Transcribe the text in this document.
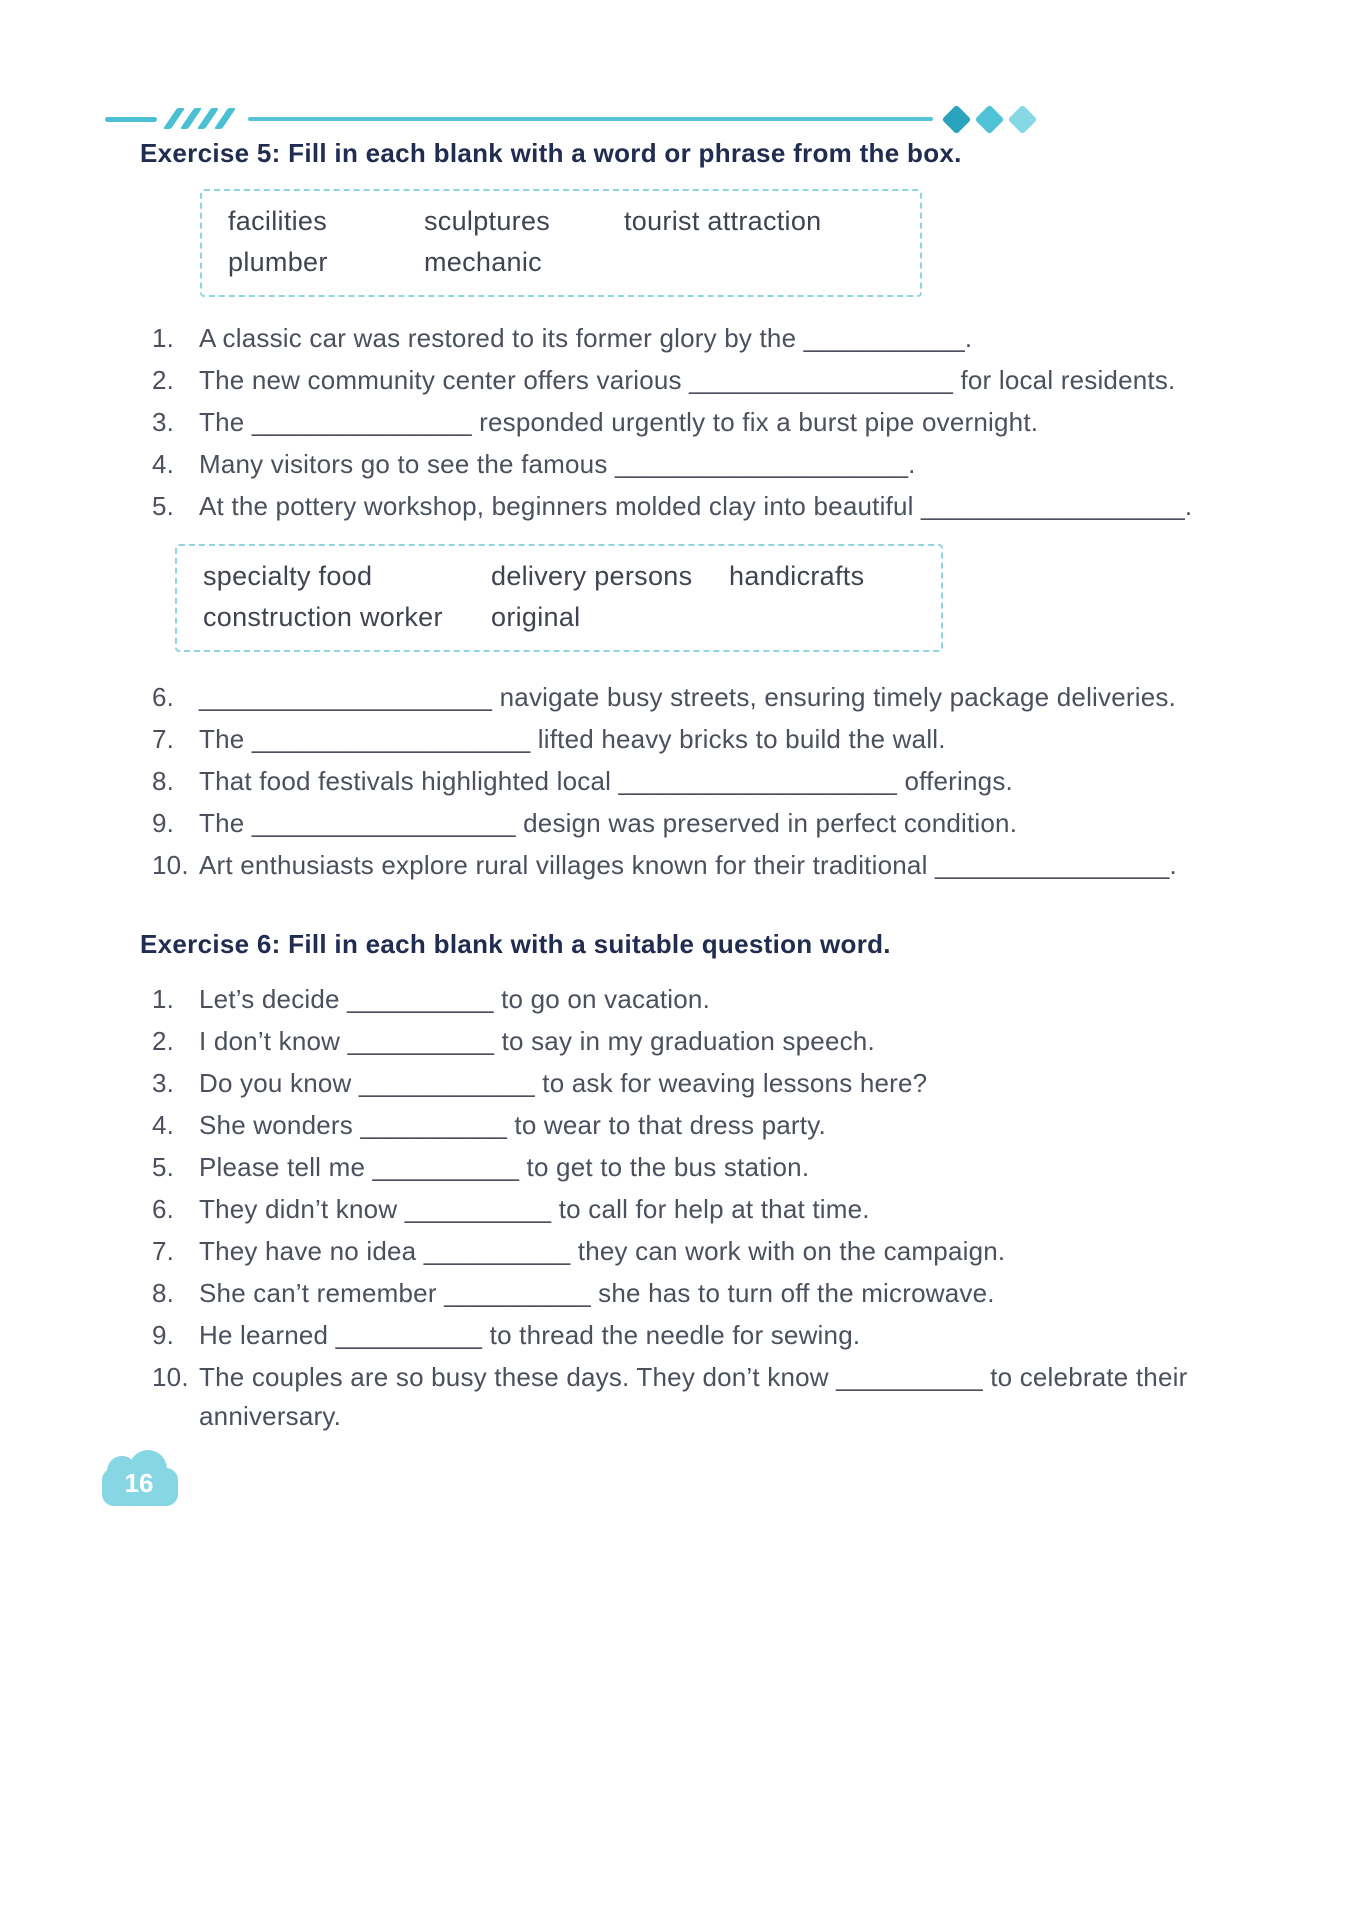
Exercise 5: Fill in each blank with a word or phrase from the box.
facilities	sculptures	tourist attraction
plumber	mechanic
1. A classic car was restored to its former glory by the ___________.
2. The new community center offers various __________________ for local residents.
3. The _______________ responded urgently to fix a burst pipe overnight.
4. Many visitors go to see the famous ____________________.
5. At the pottery workshop, beginners molded clay into beautiful __________________.
specialty food	delivery persons	handicrafts
construction worker	original
6. ____________________ navigate busy streets, ensuring timely package deliveries.
7. The ___________________ lifted heavy bricks to build the wall.
8. That food festivals highlighted local ___________________ offerings.
9. The __________________ design was preserved in perfect condition.
10. Art enthusiasts explore rural villages known for their traditional ________________.
Exercise 6: Fill in each blank with a suitable question word.
1. Let’s decide __________ to go on vacation.
2. I don’t know __________ to say in my graduation speech.
3. Do you know ____________ to ask for weaving lessons here?
4. She wonders __________ to wear to that dress party.
5. Please tell me __________ to get to the bus station.
6. They didn’t know __________ to call for help at that time.
7. They have no idea __________ they can work with on the campaign.
8. She can’t remember __________ she has to turn off the microwave.
9. He learned __________ to thread the needle for sewing.
10. The couples are so busy these days. They don’t know __________ to celebrate their anniversary.
16
